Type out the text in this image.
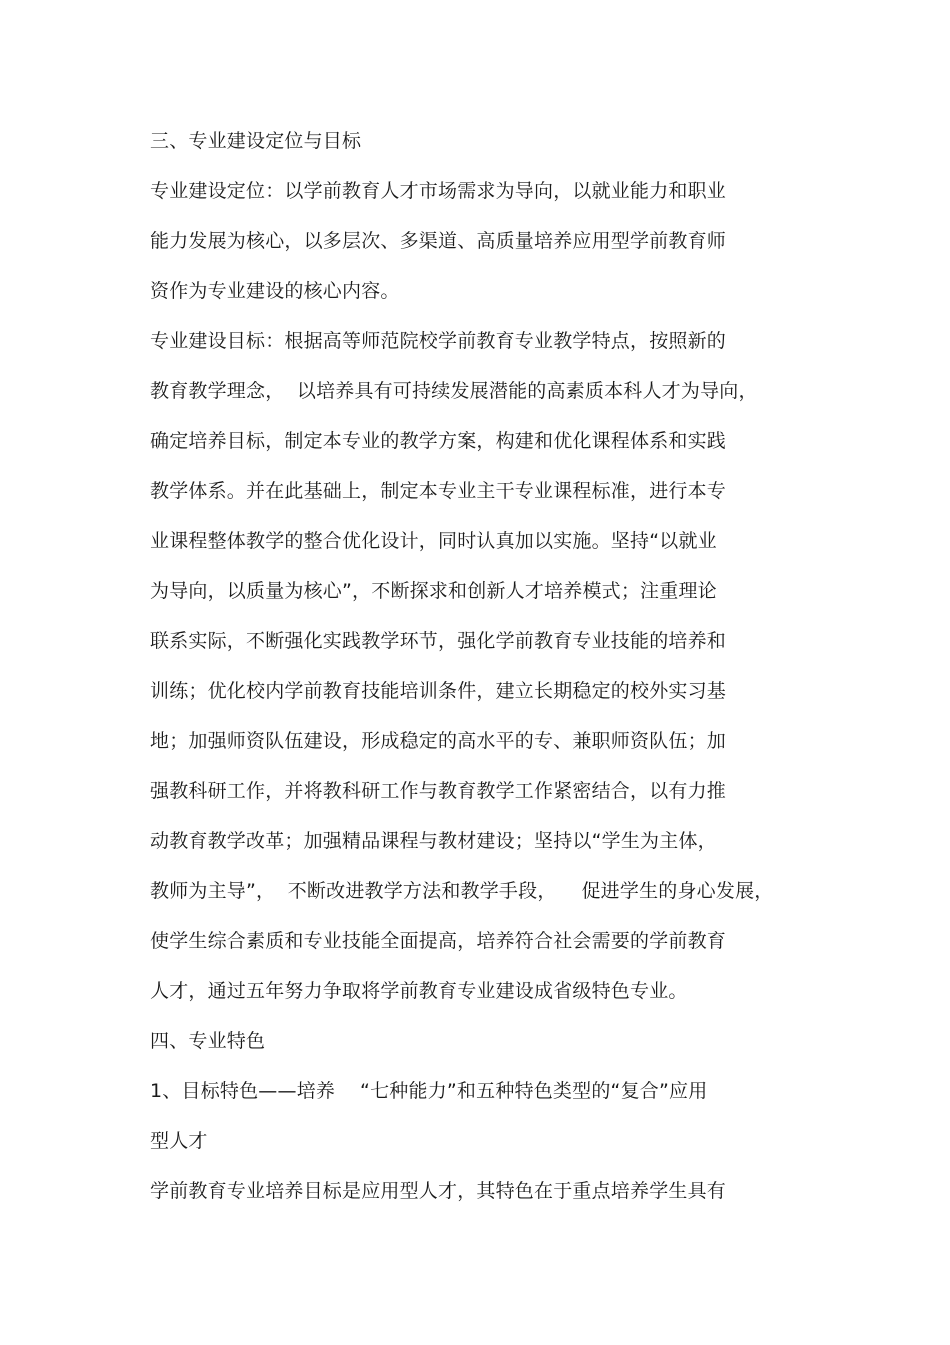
三、专业建设定位与目标
专业建设定位：以学前教育人才市场需求为导向，以就业能力和职业
能力发展为核心，以多层次、多渠道、高质量培养应用型学前教育师
资作为专业建设的核心内容。
专业建设目标：根据高等师范院校学前教育专业教学特点，按照新的
教育教学理念，  以培养具有可持续发展潜能的高素质本科人才为导向，
确定培养目标，制定本专业的教学方案，构建和优化课程体系和实践
教学体系。并在此基础上，制定本专业主干专业课程标准，进行本专
业课程整体教学的整合优化设计，同时认真加以实施。坚持“以就业
为导向，以质量为核心”，不断探求和创新人才培养模式；注重理论
联系实际，不断强化实践教学环节，强化学前教育专业技能的培养和
训练；优化校内学前教育技能培训条件，建立长期稳定的校外实习基
地；加强师资队伍建设，形成稳定的高水平的专、兼职师资队伍；加
强教科研工作，并将教科研工作与教育教学工作紧密结合，以有力推
动教育教学改革；加强精品课程与教材建设；坚持以“学生为主体，
教师为主导”，  不断改进教学方法和教学手段，    促进学生的身心发展，
使学生综合素质和专业技能全面提高，培养符合社会需要的学前教育
人才，通过五年努力争取将学前教育专业建设成省级特色专业。
四、专业特色
1、目标特色——培养    “七种能力”和五种特色类型的“复合”应用
型人才
学前教育专业培养目标是应用型人才，其特色在于重点培养学生具有
